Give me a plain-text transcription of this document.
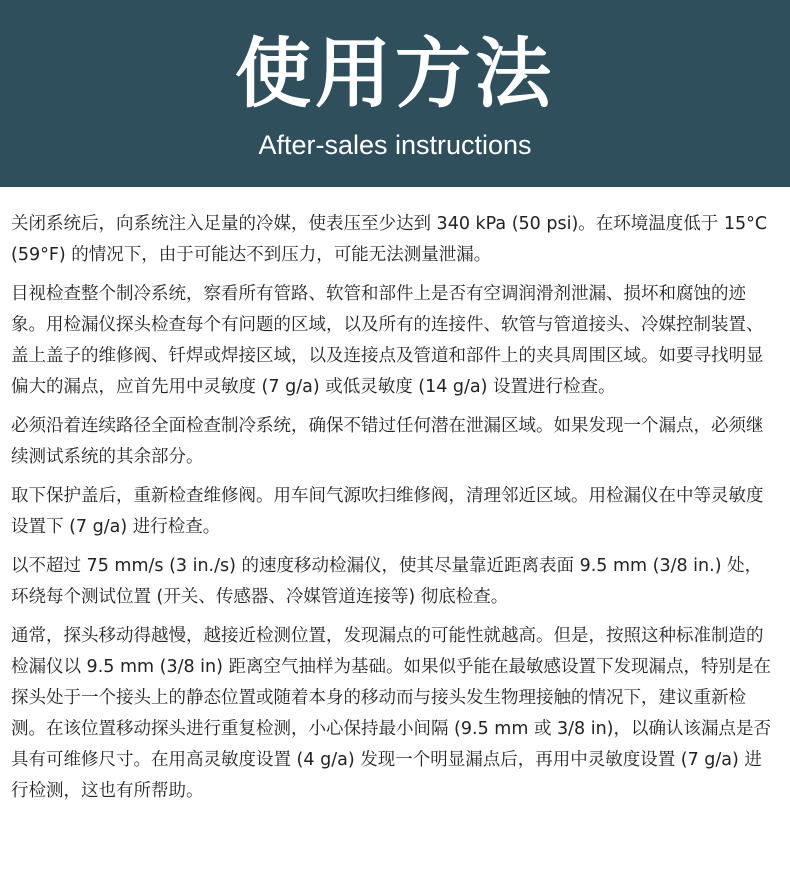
使用方法
After-sales instructions

关闭系统后，向系统注入足量的冷媒，使表压至少达到 340 kPa (50 psi)。在环境温度低于 15°C (59°F) 的情况下，由于可能达不到压力，可能无法测量泄漏。

目视检查整个制冷系统，察看所有管路、软管和部件上是否有空调润滑剂泄漏、损坏和腐蚀的迹象。用检漏仪探头检查每个有问题的区域，以及所有的连接件、软管与管道接头、冷媒控制装置、盖上盖子的维修阀、钎焊或焊接区域，以及连接点及管道和部件上的夹具周围区域。如要寻找明显偏大的漏点，应首先用中灵敏度 (7 g/a) 或低灵敏度 (14 g/a) 设置进行检查。

必须沿着连续路径全面检查制冷系统，确保不错过任何潜在泄漏区域。如果发现一个漏点，必须继续测试系统的其余部分。

取下保护盖后，重新检查维修阀。用车间气源吹扫维修阀，清理邻近区域。用检漏仪在中等灵敏度设置下 (7 g/a) 进行检查。

以不超过 75 mm/s (3 in./s) 的速度移动检漏仪，使其尽量靠近距离表面 9.5 mm (3/8 in.) 处，环绕每个测试位置 (开关、传感器、冷媒管道连接等) 彻底检查。

通常，探头移动得越慢，越接近检测位置，发现漏点的可能性就越高。但是，按照这种标准制造的检漏仪以 9.5 mm (3/8 in) 距离空气抽样为基础。如果似乎能在最敏感设置下发现漏点，特别是在探头处于一个接头上的静态位置或随着本身的移动而与接头发生物理接触的情况下，建议重新检测。在该位置移动探头进行重复检测，小心保持最小间隔 (9.5 mm 或 3/8 in)，以确认该漏点是否具有可维修尺寸。在用高灵敏度设置 (4 g/a) 发现一个明显漏点后，再用中灵敏度设置 (7 g/a) 进行检测，这也有所帮助。
